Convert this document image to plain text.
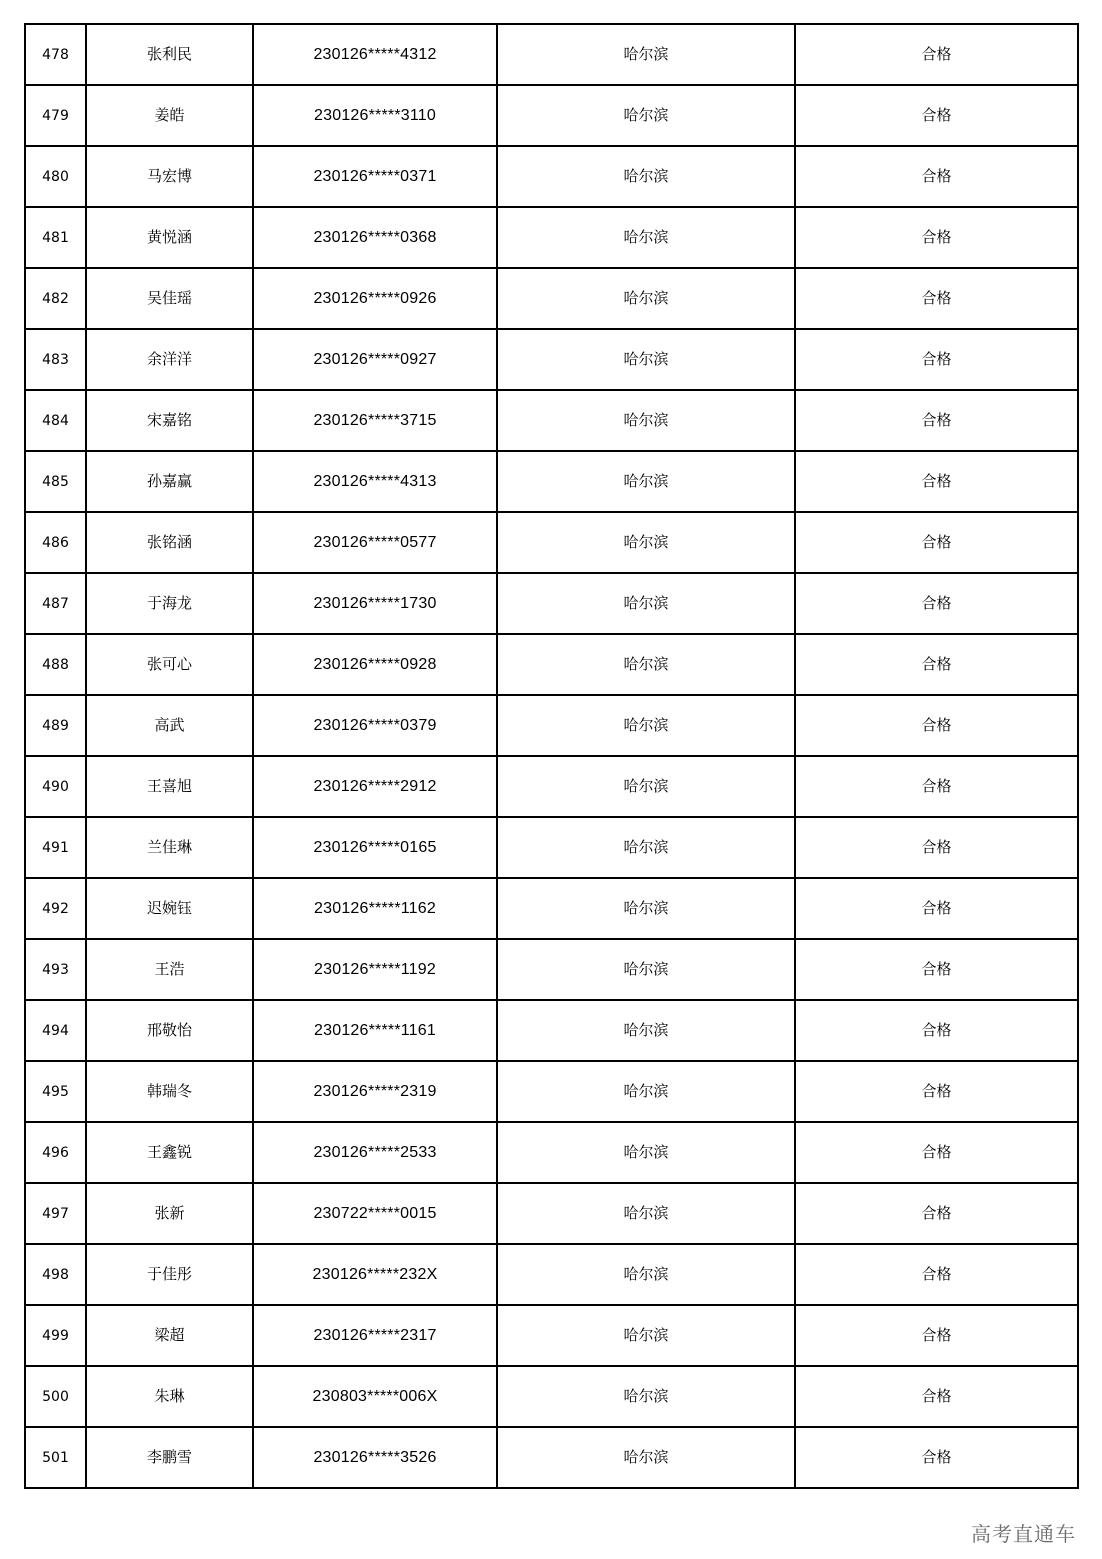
478	张利民	230126*****4312	哈尔滨	合格
479	姜皓	230126*****3110	哈尔滨	合格
480	马宏博	230126*****0371	哈尔滨	合格
481	黄悦涵	230126*****0368	哈尔滨	合格
482	吴佳瑶	230126*****0926	哈尔滨	合格
483	余洋洋	230126*****0927	哈尔滨	合格
484	宋嘉铭	230126*****3715	哈尔滨	合格
485	孙嘉赢	230126*****4313	哈尔滨	合格
486	张铭涵	230126*****0577	哈尔滨	合格
487	于海龙	230126*****1730	哈尔滨	合格
488	张可心	230126*****0928	哈尔滨	合格
489	高武	230126*****0379	哈尔滨	合格
490	王喜旭	230126*****2912	哈尔滨	合格
491	兰佳琳	230126*****0165	哈尔滨	合格
492	迟婉钰	230126*****1162	哈尔滨	合格
493	王浩	230126*****1192	哈尔滨	合格
494	邢敬怡	230126*****1161	哈尔滨	合格
495	韩瑞冬	230126*****2319	哈尔滨	合格
496	王鑫锐	230126*****2533	哈尔滨	合格
497	张新	230722*****0015	哈尔滨	合格
498	于佳彤	230126*****232X	哈尔滨	合格
499	梁超	230126*****2317	哈尔滨	合格
500	朱琳	230803*****006X	哈尔滨	合格
501	李鹏雪	230126*****3526	哈尔滨	合格
高考直通车
